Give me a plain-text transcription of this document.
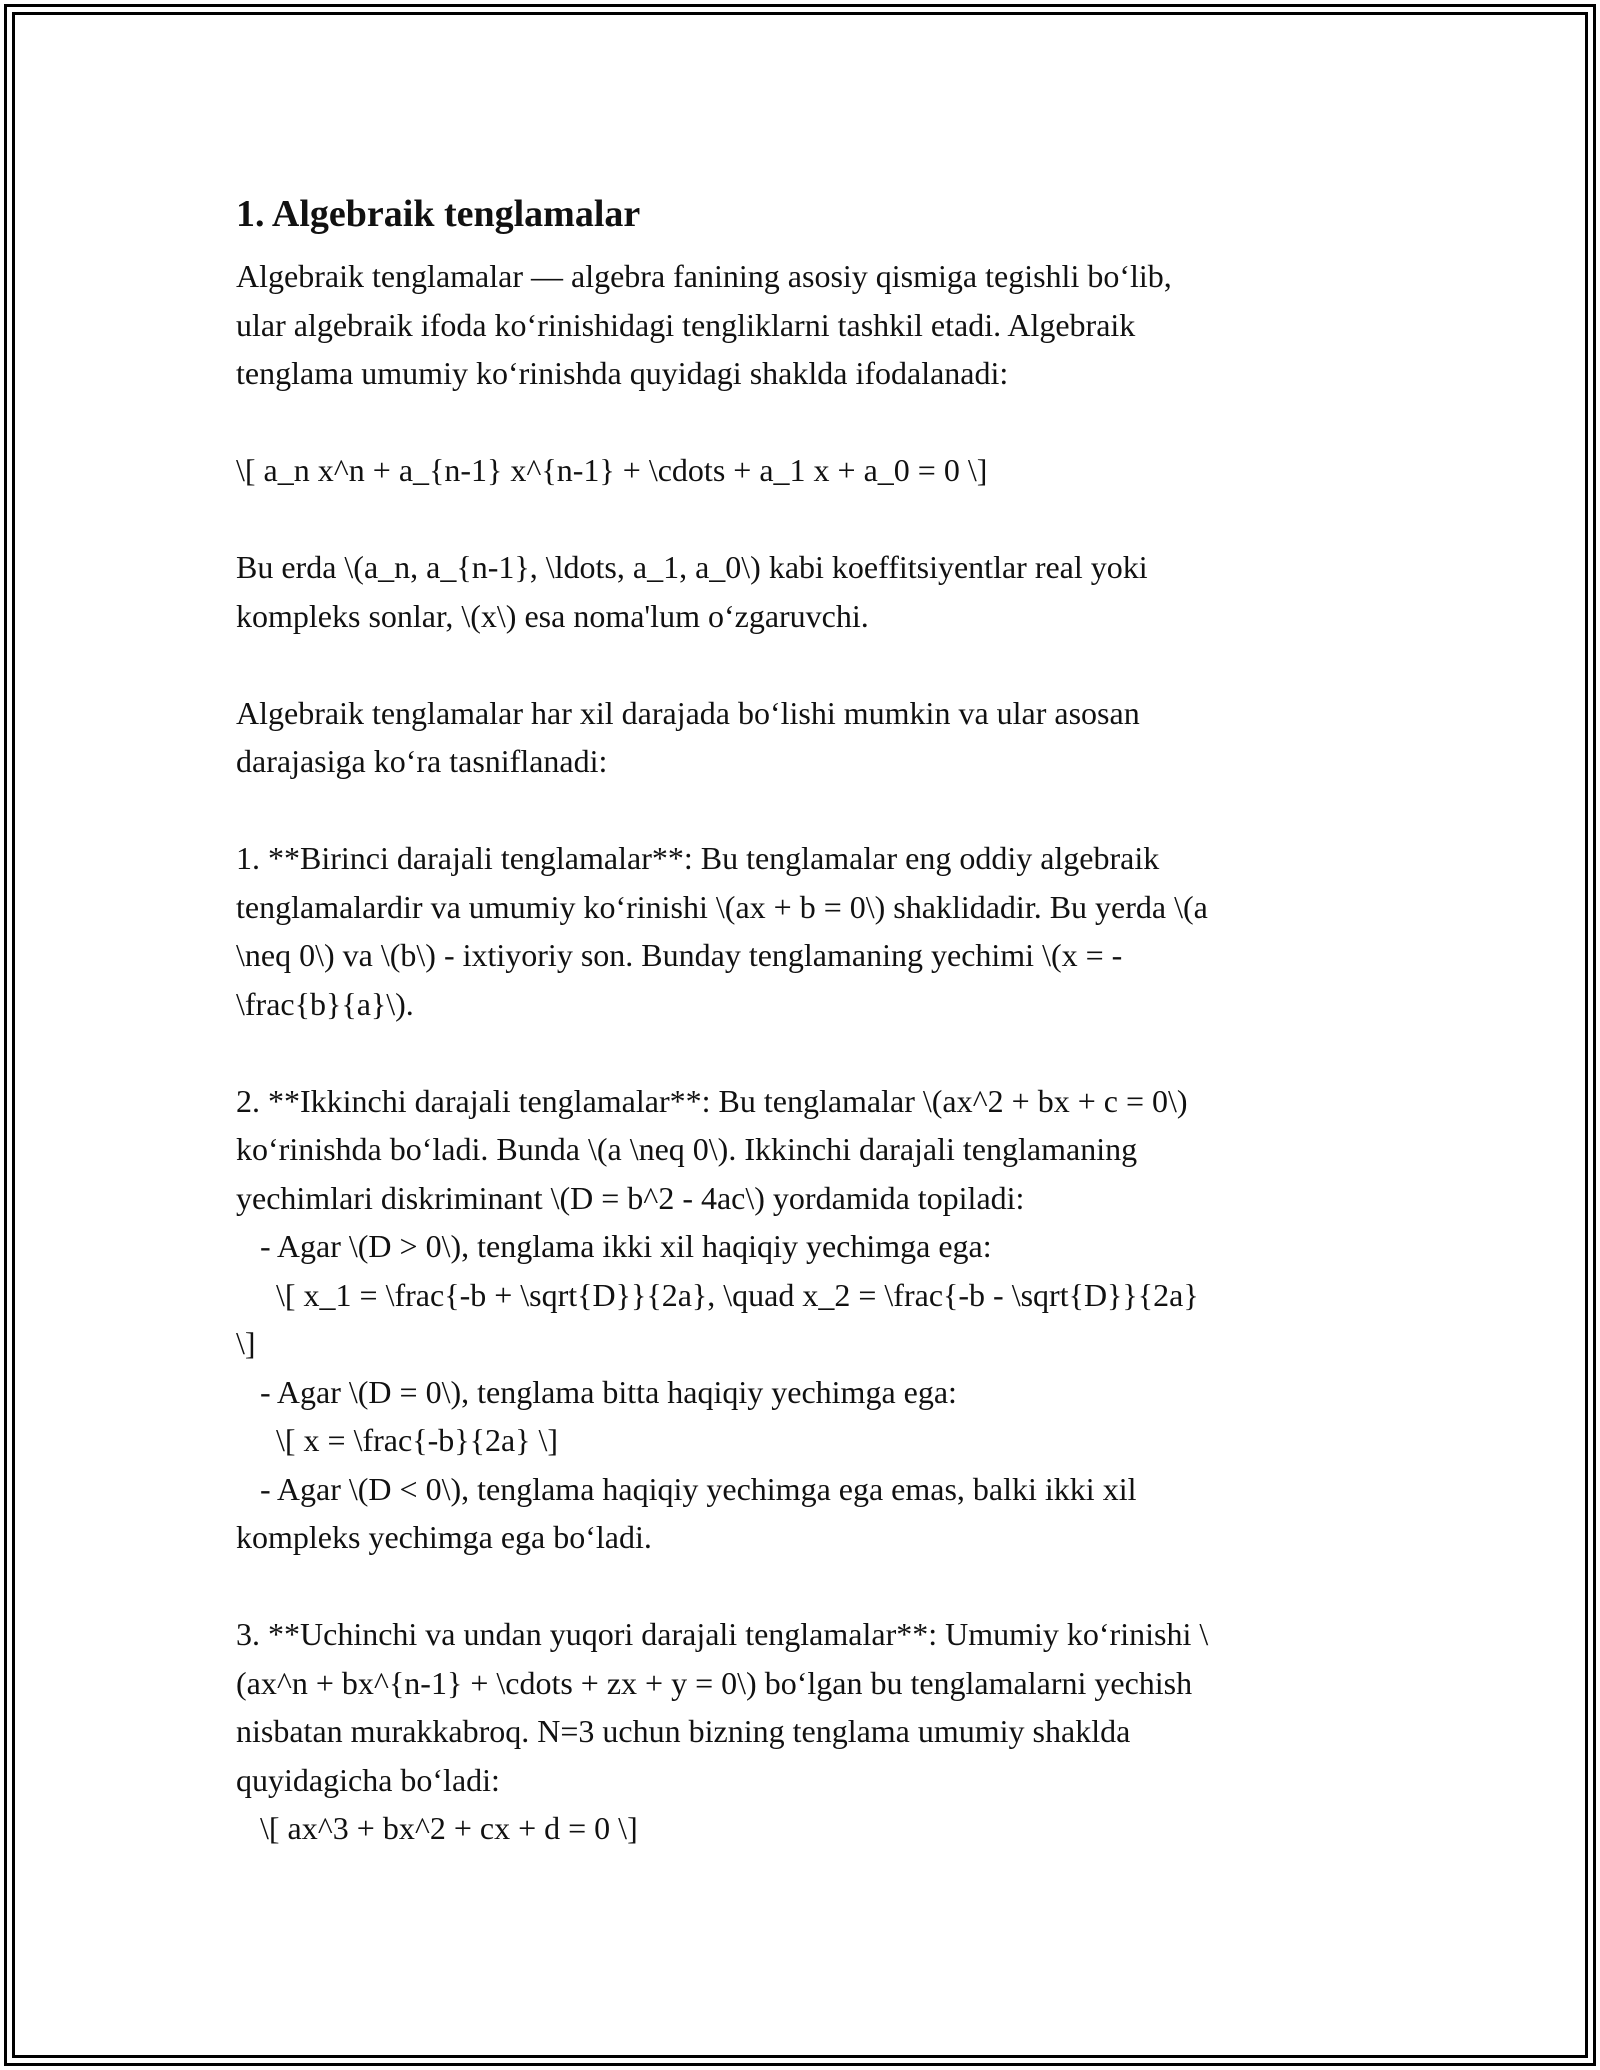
1. Algebraik tenglamalar
Algebraik tenglamalar — algebra fanining asosiy qismiga tegishli bo‘lib,
ular algebraik ifoda ko‘rinishidagi tengliklarni tashkil etadi. Algebraik
tenglama umumiy ko‘rinishda quyidagi shaklda ifodalanadi:
\[ a_n x^n + a_{n-1} x^{n-1} + \cdots + a_1 x + a_0 = 0 \]
Bu erda \(a_n, a_{n-1}, \ldots, a_1, a_0\) kabi koeffitsiyentlar real yoki
kompleks sonlar, \(x\) esa noma'lum o‘zgaruvchi.
Algebraik tenglamalar har xil darajada bo‘lishi mumkin va ular asosan
darajasiga ko‘ra tasniflanadi:
1. **Birinci darajali tenglamalar**: Bu tenglamalar eng oddiy algebraik
tenglamalardir va umumiy ko‘rinishi \(ax + b = 0\) shaklidadir. Bu yerda \(a
\neq 0\) va \(b\) - ixtiyoriy son. Bunday tenglamaning yechimi \(x = -
\frac{b}{a}\).
2. **Ikkinchi darajali tenglamalar**: Bu tenglamalar \(ax^2 + bx + c = 0\)
ko‘rinishda bo‘ladi. Bunda \(a \neq 0\). Ikkinchi darajali tenglamaning
yechimlari diskriminant \(D = b^2 - 4ac\) yordamida topiladi:
- Agar \(D > 0\), tenglama ikki xil haqiqiy yechimga ega:
\[ x_1 = \frac{-b + \sqrt{D}}{2a}, \quad x_2 = \frac{-b - \sqrt{D}}{2a}
\]
- Agar \(D = 0\), tenglama bitta haqiqiy yechimga ega:
\[ x = \frac{-b}{2a} \]
- Agar \(D < 0\), tenglama haqiqiy yechimga ega emas, balki ikki xil
kompleks yechimga ega bo‘ladi.
3. **Uchinchi va undan yuqori darajali tenglamalar**: Umumiy ko‘rinishi \
(ax^n + bx^{n-1} + \cdots + zx + y = 0\) bo‘lgan bu tenglamalarni yechish
nisbatan murakkabroq. N=3 uchun bizning tenglama umumiy shaklda
quyidagicha bo‘ladi:
\[ ax^3 + bx^2 + cx + d = 0 \]
